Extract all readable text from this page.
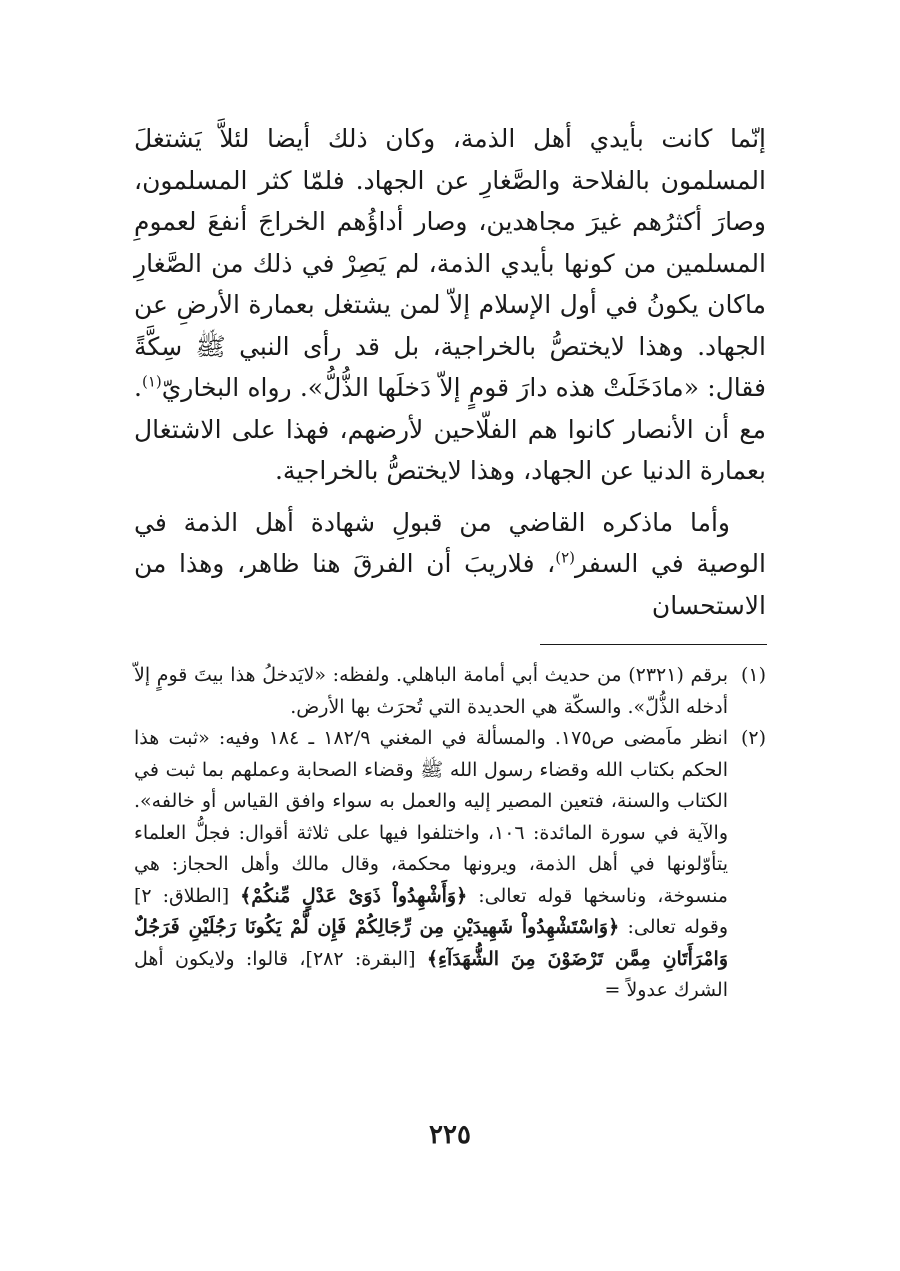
إنّما كانت بأيدي أهل الذمة، وكان ذلك أيضا لئلاَّ يَشتغلَ المسلمون بالفلاحة والصَّغارِ عن الجهاد. فلمّا كثر المسلمون، وصارَ أكثرُهم غيرَ مجاهدين، وصار أداؤُهم الخراجَ أنفعَ لعمومِ المسلمين من كونها بأيدي الذمة، لم يَصِرْ في ذلك من الصَّغارِ ماكان يكونُ في أول الإسلام إلاّ لمن يشتغل بعمارة الأرضِ عن الجهاد. وهذا لايختصُّ بالخراجية، بل قد رأى النبي ﷺ سِكَّةً فقال: «مادَخَلَتْ هذه دارَ قومٍ إلاّ دَخلَها الذُّلُّ». رواه البخاريّ$^{(١)}$. مع أن الأنصار كانوا هم الفلّاحين لأرضهم، فهذا على الاشتغال بعمارة الدنيا عن الجهاد، وهذا لايختصُّ بالخراجية.

وأما ماذكره القاضي من قبولِ شهادة أهل الذمة في الوصية في السفر$^{(٢)}$، فلاريبَ أن الفرقَ هنا ظاهر، وهذا من الاستحسان

(١)
برقم (٢٣٢١) من حديث أبي أمامة الباهلي. ولفظه: «لايَدخلُ هذا بيتَ قومٍ إلاّ أدخله الذُّلّ». والسكّة هي الحديدة التي تُحرَث بها الأرض.

(٢)
انظر ماَمضى ص١٧٥. والمسألة في المغني ١٨٢/٩ ـ ١٨٤ وفيه: «ثبت هذا الحكم بكتاب الله وقضاء رسول الله ﷺ وقضاء الصحابة وعملهم بما ثبت في الكتاب والسنة، فتعين المصير إليه والعمل به سواء وافق القياس أو خالفه». والآية في سورة المائدة: ١٠٦، واختلفوا فيها على ثلاثة أقوال: فجلُّ العلماء يتأوّلونها في أهل الذمة، ويرونها محكمة، وقال مالك وأهل الحجاز: هي منسوخة، وناسخها قوله تعالى: ﴿وَأَشْهِدُواْ ذَوَىْ عَدْلٍ مِّنكُمْ﴾ [الطلاق: ٢] وقوله تعالى: ﴿وَاسْتَشْهِدُواْ شَهِيدَيْنِ مِن رِّجَالِكُمْ فَإِن لَّمْ يَكُونَا رَجُلَيْنِ فَرَجُلٌ وَامْرَأَتَانِ مِمَّن تَرْضَوْنَ مِنَ الشُّهَدَآءِ﴾ [البقرة: ٢٨٢]، قالوا: ولايكون أهل الشرك عدولاً =

٢٢٥
